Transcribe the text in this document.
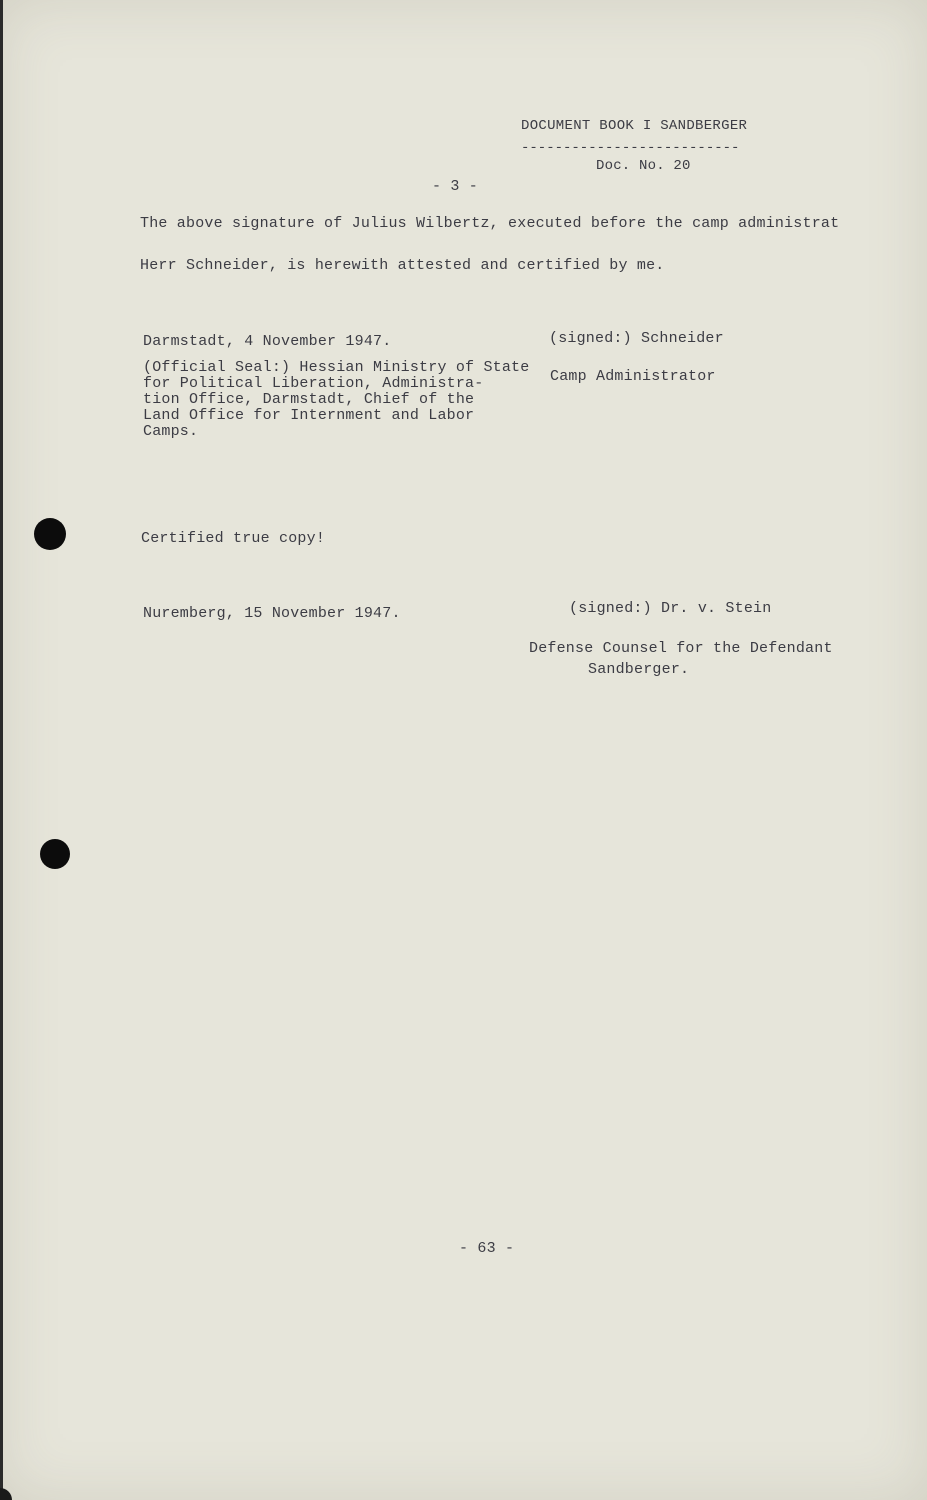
DOCUMENT BOOK I SANDBERGER
--------------------------
Doc. No. 20
- 3 -
The above signature of Julius Wilbertz, executed before the camp administrat
Herr Schneider, is herewith attested and certified by me.
Darmstadt, 4 November 1947.	(signed:) Schneider
(Official Seal:) Hessian Ministry of State
for Political Liberation, Administra-
tion Office, Darmstadt, Chief of the
Land Office for Internment and Labor
Camps.
Camp Administrator
Certified true copy!
Nuremberg, 15 November 1947.	(signed:) Dr. v. Stein
Defense Counsel for the Defendant
Sandberger.
- 63 -
